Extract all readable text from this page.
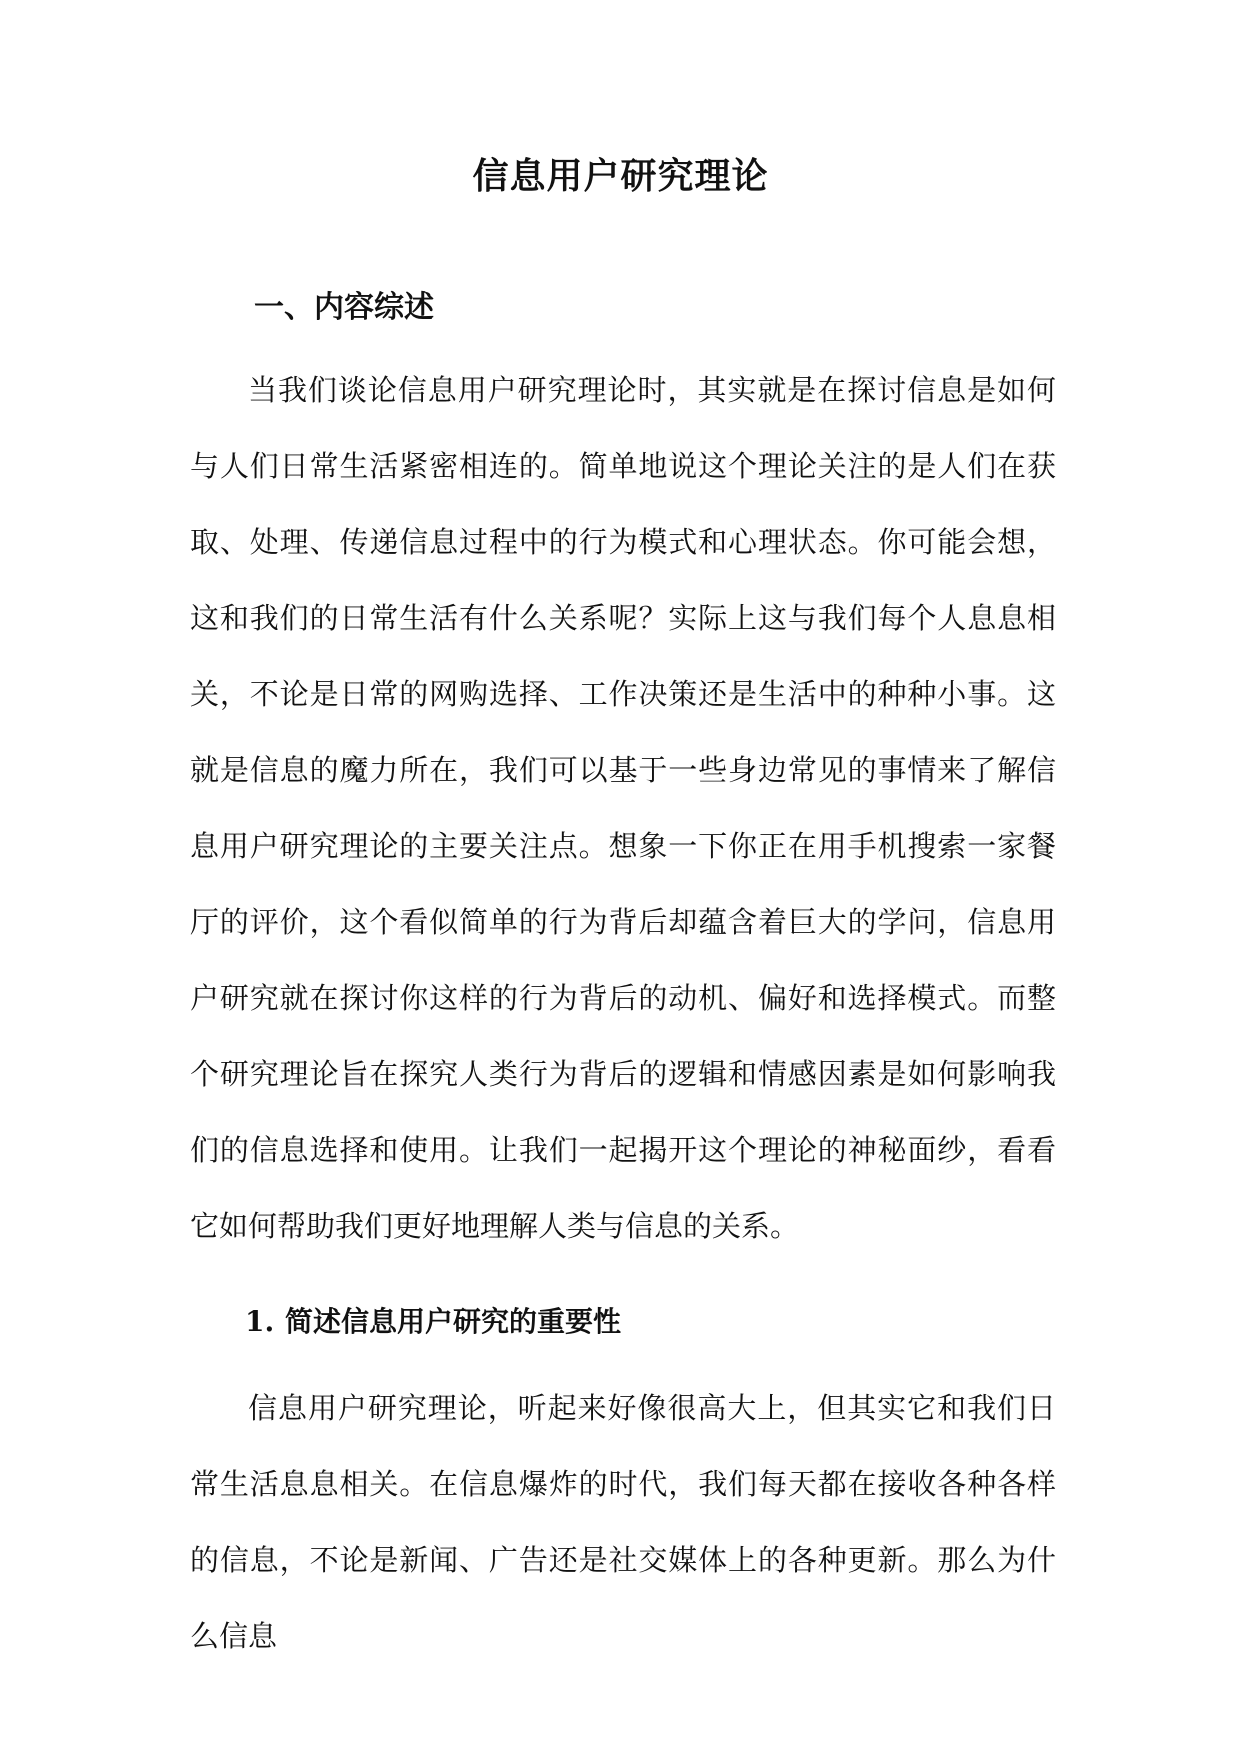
信息用户研究理论
一、内容综述

当我们谈论信息用户研究理论时，其实就是在探讨信息是如何与人们日常生活紧密相连的。简单地说这个理论关注的是人们在获取、处理、传递信息过程中的行为模式和心理状态。你可能会想，这和我们的日常生活有什么关系呢？实际上这与我们每个人息息相关，不论是日常的网购选择、工作决策还是生活中的种种小事。这就是信息的魔力所在，我们可以基于一些身边常见的事情来了解信息用户研究理论的主要关注点。想象一下你正在用手机搜索一家餐厅的评价，这个看似简单的行为背后却蕴含着巨大的学问，信息用户研究就在探讨你这样的行为背后的动机、偏好和选择模式。而整个研究理论旨在探究人类行为背后的逻辑和情感因素是如何影响我们的信息选择和使用。让我们一起揭开这个理论的神秘面纱，看看它如何帮助我们更好地理解人类与信息的关系。

1. 简述信息用户研究的重要性

信息用户研究理论，听起来好像很高大上，但其实它和我们日常生活息息相关。在信息爆炸的时代，我们每天都在接收各种各样的信息，不论是新闻、广告还是社交媒体上的各种更新。那么为什么信息
